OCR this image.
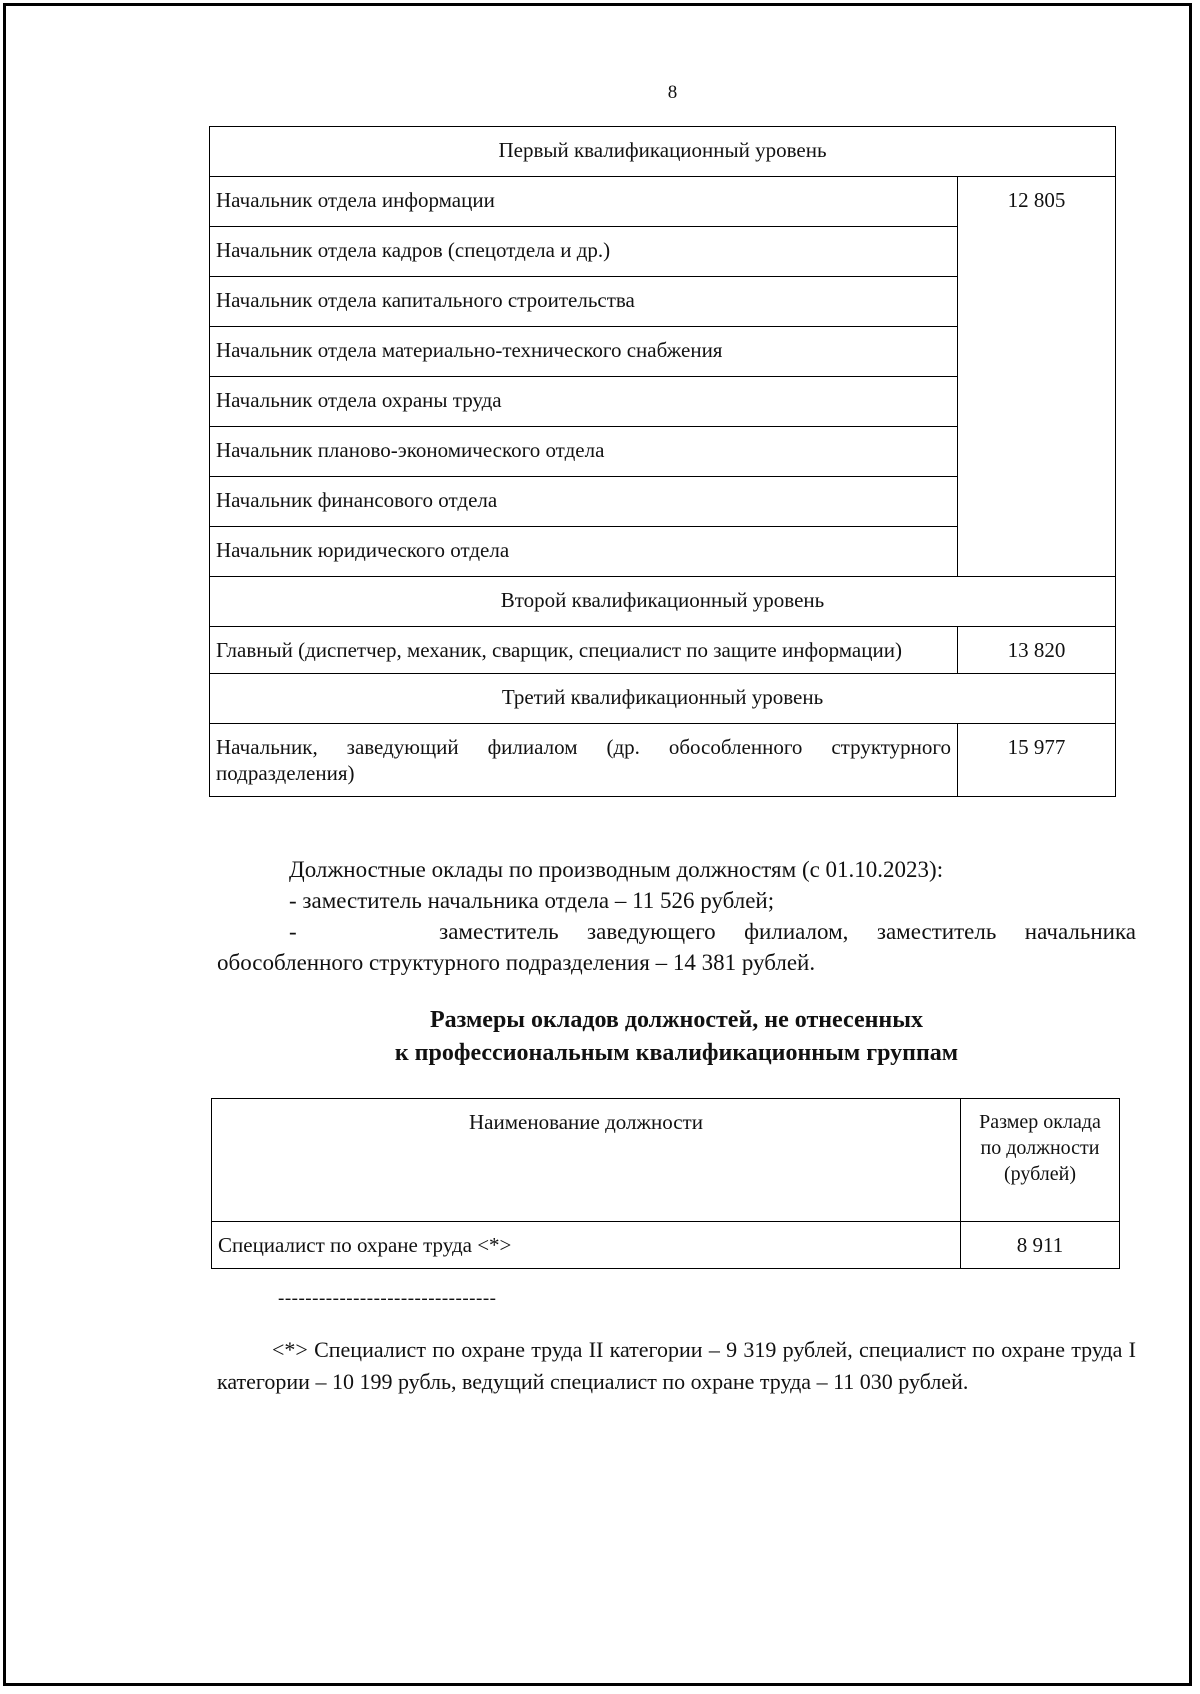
8
Первый квалификационный уровень	
Начальник отдела информации	12 805
Начальник отдела кадров (спецотдела и др.)	
Начальник отдела капитального строительства	
Начальник отдела материально-технического снабжения	
Начальник отдела охраны труда	
Начальник планово-экономического отдела	
Начальник финансового отдела	
Начальник юридического отдела	
Второй квалификационный уровень	
Главный (диспетчер, механик, сварщик, специалист по защите информации)	13 820
Третий квалификационный уровень	
Начальник, заведующий филиалом (др. обособленного структурного подразделения)	15 977
Должностные оклады по производным должностям (с 01.10.2023):
- заместитель начальника отдела – 11 526 рублей;
-     заместитель заведующего филиалом, заместитель начальника
обособленного структурного подразделения – 14 381 рублей.
Размеры окладов должностей, не отнесенных
к профессиональным квалификационным группам
Наименование должности	Размер оклада по должности (рублей)
Специалист по охране труда <*>	8 911
--------------------------------
<*> Специалист по охране труда II категории – 9 319 рублей, специалист по охране труда I категории – 10 199 рубль, ведущий специалист по охране труда – 11 030 рублей.
